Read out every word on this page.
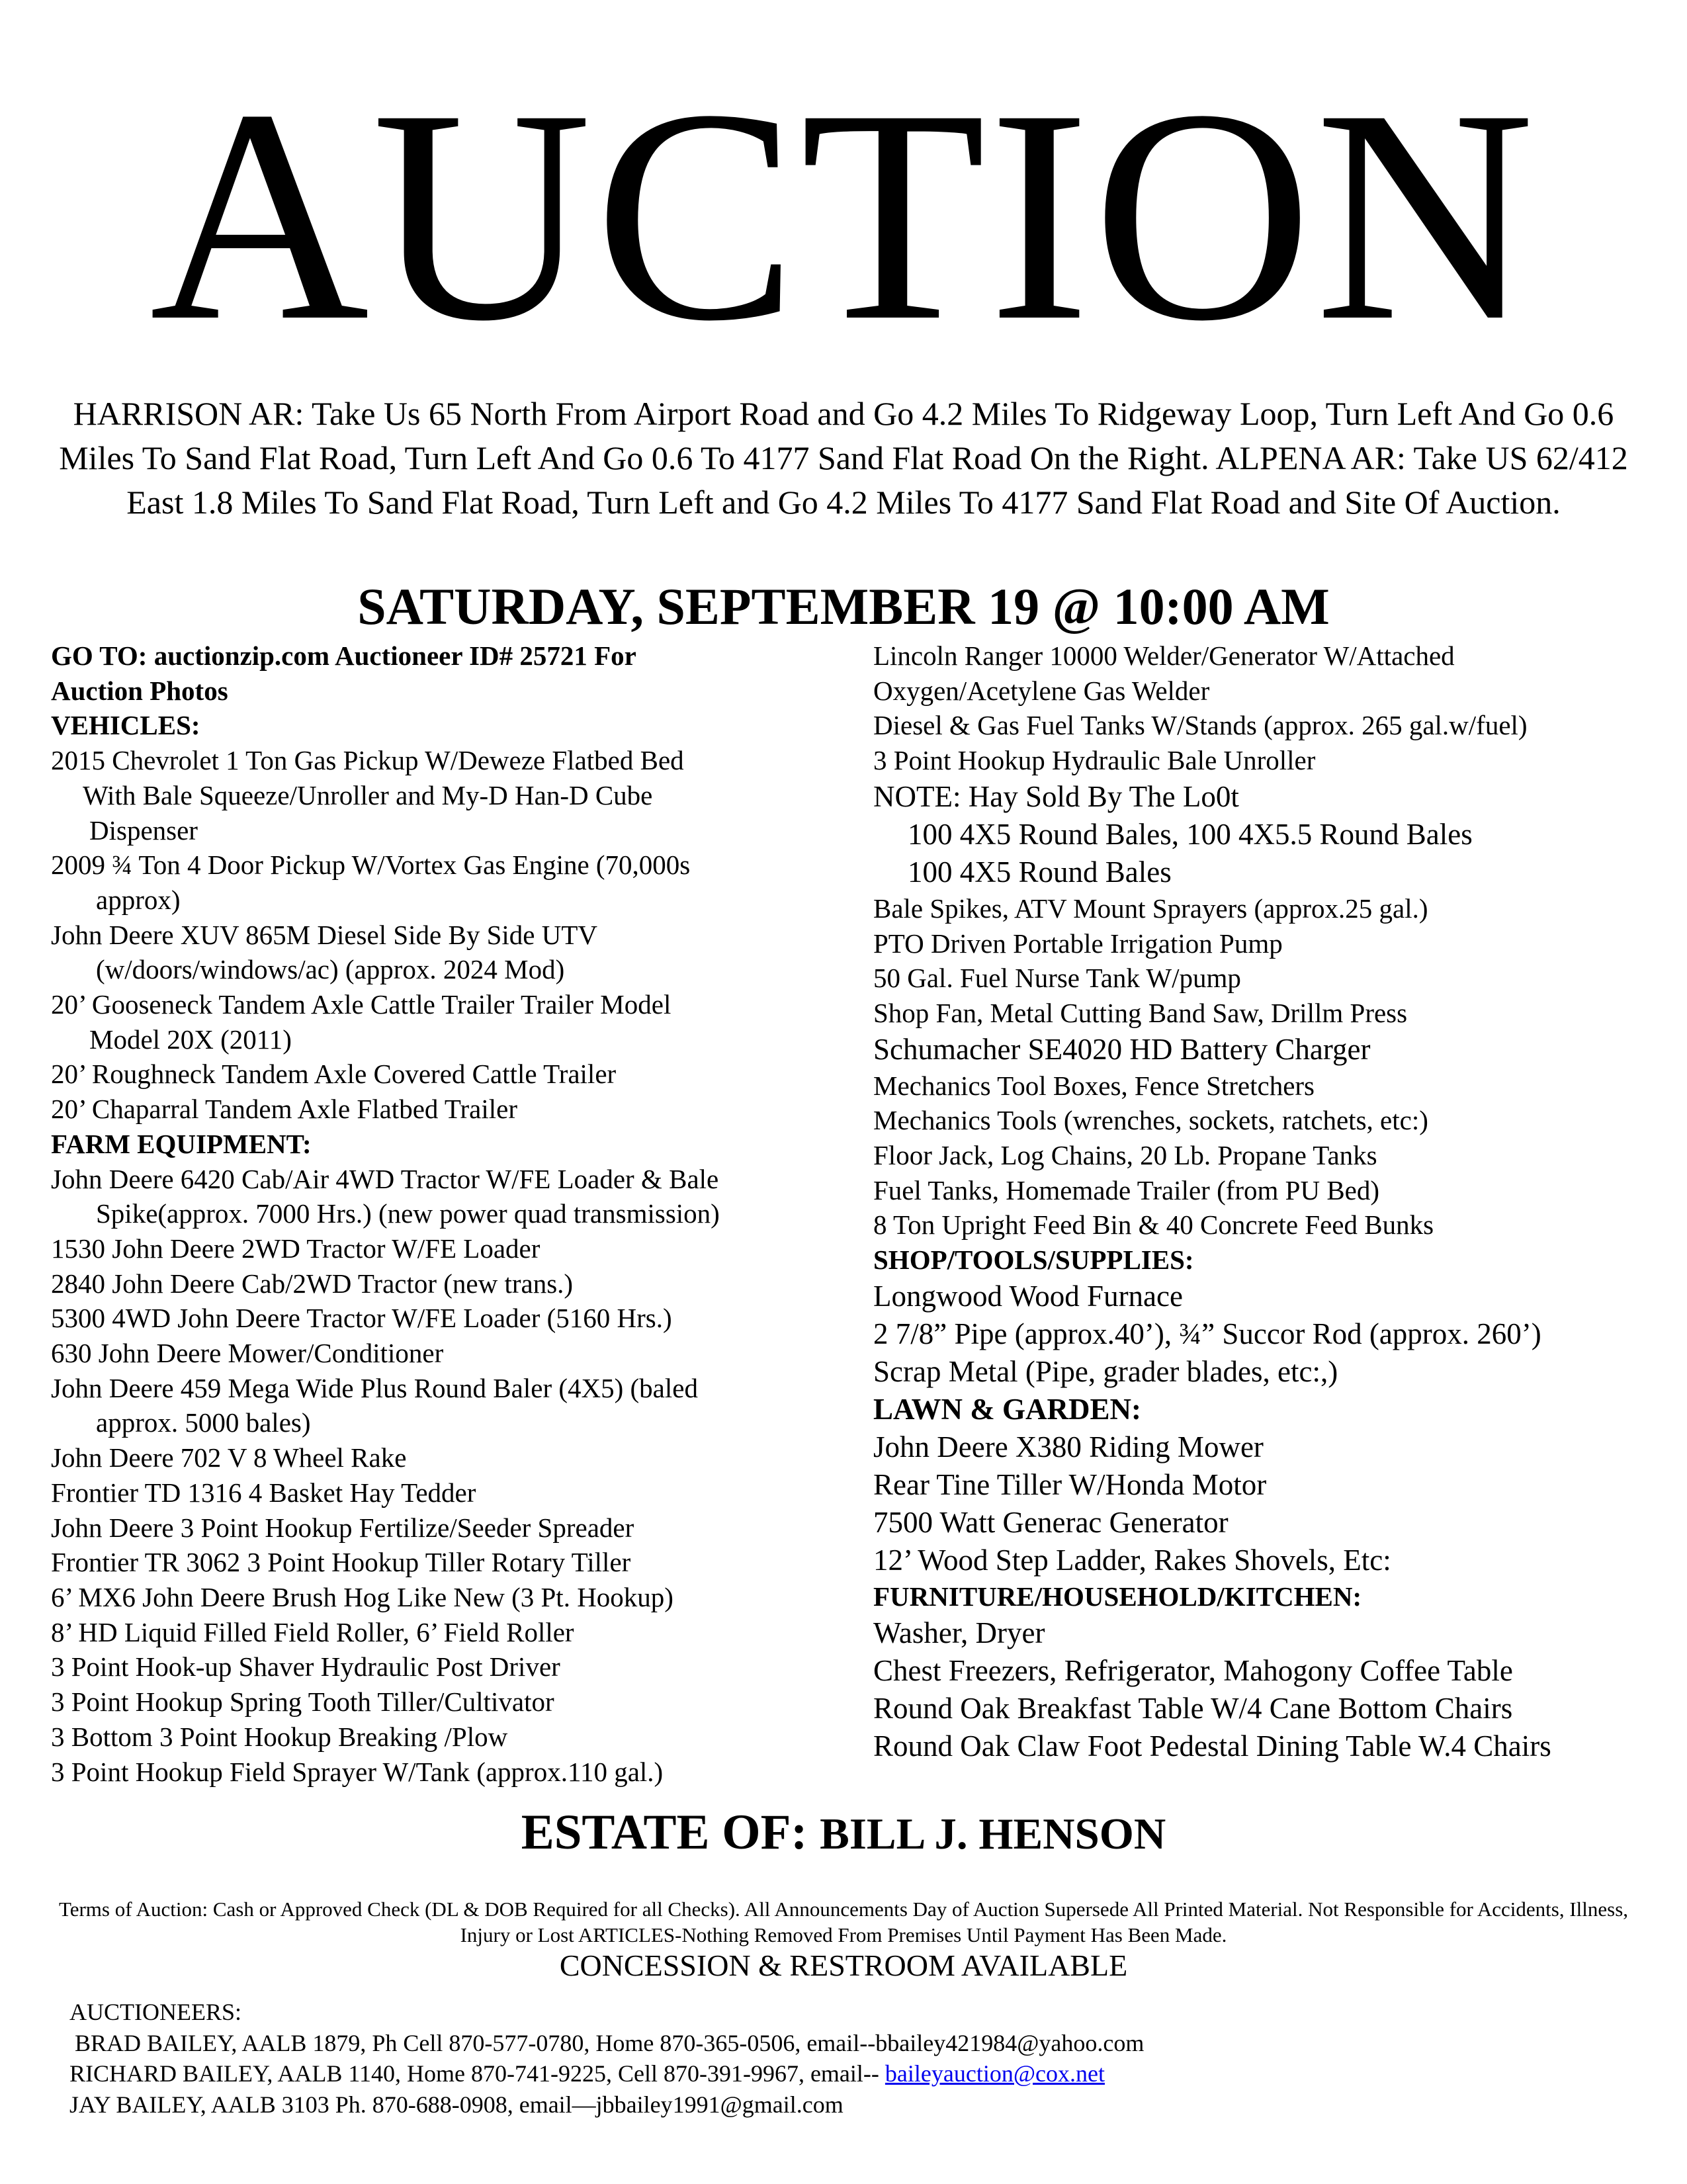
AUCTION
HARRISON AR: Take Us 65 North From Airport Road and Go 4.2 Miles To Ridgeway Loop, Turn Left And Go 0.6 Miles To Sand Flat Road, Turn Left And Go 0.6 To 4177 Sand Flat Road On the Right. ALPENA AR: Take US 62/412 East 1.8 Miles To Sand Flat Road, Turn Left and Go 4.2 Miles To 4177 Sand Flat Road and Site Of Auction.
SATURDAY, SEPTEMBER 19 @ 10:00 AM
GO TO: auctionzip.com Auctioneer ID# 25721 For
Auction Photos
VEHICLES:
2015 Chevrolet 1 Ton Gas Pickup W/Deweze Flatbed Bed
With Bale Squeeze/Unroller and My-D Han-D Cube
Dispenser
2009 ¾ Ton 4 Door Pickup W/Vortex Gas Engine (70,000s
approx)
John Deere XUV 865M Diesel Side By Side UTV
(w/doors/windows/ac) (approx. 2024 Mod)
20’ Gooseneck Tandem Axle Cattle Trailer Trailer Model
Model 20X (2011)
20’ Roughneck Tandem Axle Covered Cattle Trailer
20’ Chaparral Tandem Axle Flatbed Trailer
FARM EQUIPMENT:
John Deere 6420 Cab/Air 4WD Tractor W/FE Loader & Bale
Spike(approx. 7000 Hrs.) (new power quad transmission)
1530 John Deere 2WD Tractor W/FE Loader
2840 John Deere Cab/2WD Tractor (new trans.)
5300 4WD John Deere Tractor W/FE Loader (5160 Hrs.)
630 John Deere Mower/Conditioner
John Deere 459 Mega Wide Plus Round Baler (4X5) (baled
approx. 5000 bales)
John Deere 702 V 8 Wheel Rake
Frontier TD 1316 4 Basket Hay Tedder
John Deere 3 Point Hookup Fertilize/Seeder Spreader
Frontier TR 3062 3 Point Hookup Tiller Rotary Tiller
6’ MX6 John Deere Brush Hog Like New (3 Pt. Hookup)
8’ HD Liquid Filled Field Roller, 6’ Field Roller
3 Point Hook-up Shaver Hydraulic Post Driver
3 Point Hookup Spring Tooth Tiller/Cultivator
3 Bottom 3 Point Hookup Breaking /Plow
3 Point Hookup Field Sprayer W/Tank (approx.110 gal.)
Lincoln Ranger 10000 Welder/Generator W/Attached
Oxygen/Acetylene Gas Welder
Diesel & Gas Fuel Tanks W/Stands (approx. 265 gal.w/fuel)
3 Point Hookup Hydraulic Bale Unroller
NOTE: Hay Sold By The Lo0t
100 4X5 Round Bales, 100 4X5.5 Round Bales
100 4X5 Round Bales
Bale Spikes, ATV Mount Sprayers (approx.25 gal.)
PTO Driven Portable Irrigation Pump
50 Gal. Fuel Nurse Tank W/pump
Shop Fan, Metal Cutting Band Saw, Drillm Press
Schumacher SE4020 HD Battery Charger
Mechanics Tool Boxes, Fence Stretchers
Mechanics Tools (wrenches, sockets, ratchets, etc:)
Floor Jack, Log Chains, 20 Lb. Propane Tanks
Fuel Tanks, Homemade Trailer (from PU Bed)
8 Ton Upright Feed Bin & 40 Concrete Feed Bunks
SHOP/TOOLS/SUPPLIES:
Longwood Wood Furnace
2 7/8” Pipe (approx.40’), ¾” Succor Rod (approx. 260’)
Scrap Metal (Pipe, grader blades, etc:,)
LAWN & GARDEN:
John Deere X380 Riding Mower
Rear Tine Tiller W/Honda Motor
7500 Watt Generac Generator
12’ Wood Step Ladder, Rakes Shovels, Etc:
FURNITURE/HOUSEHOLD/KITCHEN:
Washer, Dryer
Chest Freezers, Refrigerator, Mahogony Coffee Table
Round Oak Breakfast Table W/4 Cane Bottom Chairs
Round Oak Claw Foot Pedestal Dining Table W.4 Chairs
ESTATE OF: BILL J. HENSON
Terms of Auction: Cash or Approved Check (DL & DOB Required for all Checks). All Announcements Day of Auction Supersede All Printed Material. Not Responsible for Accidents, Illness, Injury or Lost ARTICLES-Nothing Removed From Premises Until Payment Has Been Made.
CONCESSION & RESTROOM AVAILABLE
AUCTIONEERS:
BRAD BAILEY, AALB 1879, Ph Cell 870-577-0780, Home 870-365-0506, email--bbailey421984@yahoo.com
RICHARD BAILEY, AALB 1140, Home 870-741-9225, Cell 870-391-9967, email-- baileyauction@cox.net
JAY BAILEY, AALB 3103 Ph. 870-688-0908, email—jbbailey1991@gmail.com
